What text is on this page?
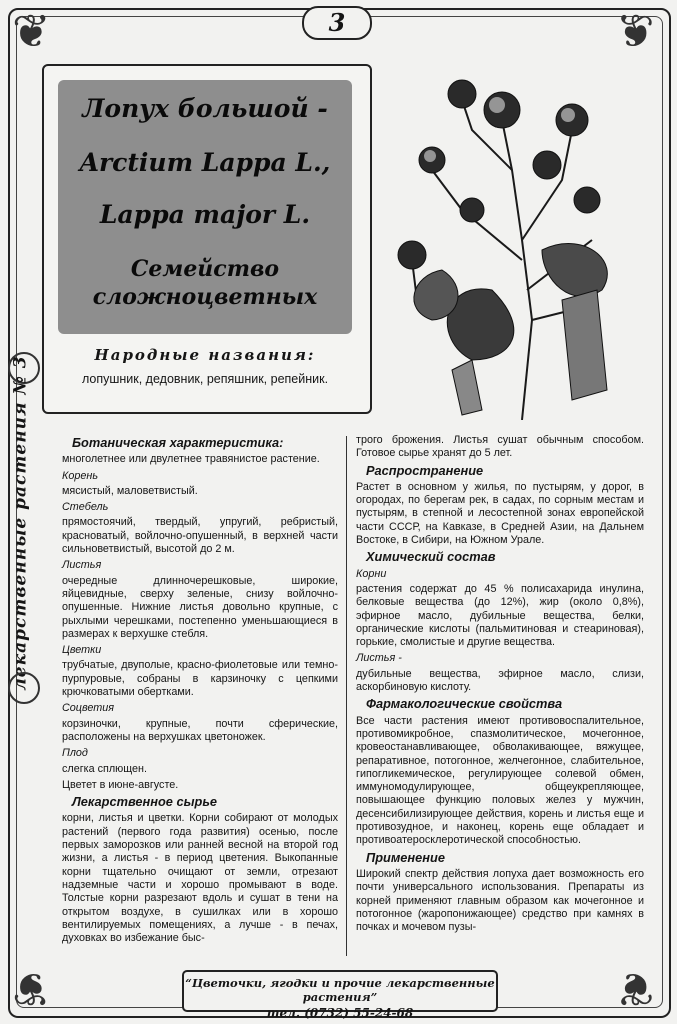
❦	❦
❦	❦
3
лекарственные растения № 3
Лопух большой -
Arctium Lappa L.,
Lappa major L.
Семейство
сложноцветных
Народные названия:
лопушник, дедовник, репяшник, репейник.
Ботаническая характеристика:
многолетнее или двулетнее травянистое растение.
Корень
мясистый, маловетвистый.
Стебель
прямостоячий, твердый, упругий, ребристый, красноватый, войлочно-опушенный, в верхней части сильноветвистый, высотой до 2 м.
Листья
очередные длинночерешковые, широкие, яйцевидные, сверху зеленые, снизу войлочно-опушенные. Нижние листья довольно крупные, с рыхлыми черешками, постепенно уменьшающиеся в размерах к верхушке стебля.
Цветки
трубчатые, двуполые, красно-фиолетовые или темно-пурпуровые, собраны в карзиночку с цепкими крючковатыми обертками.
Соцветия
корзиночки, крупные, почти сферические, расположены на верхушках цветоножек.
Плод
слегка сплющен.
Цветет в июне-августе.
Лекарственное сырье
корни, листья и цветки. Корни собирают от молодых растений (первого года развития) осенью, после первых заморозков или ранней весной на второй год жизни, а листья - в период цветения. Выкопанные корни тщательно очищают от земли, отрезают надземные части и хорошо промывают в воде. Толстые корни разрезают вдоль и сушат в тени на открытом воздухе, в сушилках или в хорошо вентилируемых помещениях, а лучше - в печах, духовках во избежание быс-
трого брожения. Листья сушат обычным способом. Готовое сырье хранят до 5 лет.
Распространение
Растет в основном у жилья, по пустырям, у дорог, в огородах, по берегам рек, в садах, по сорным местам и пустырям, в степной и лесостепной зонах европейской части СССР, на Кавказе, в Средней Азии, на Дальнем Востоке, в Сибири, на Южном Урале.
Химический состав
Корни
растения содержат до 45 % полисахарида инулина, белковые вещества (до 12%), жир (около 0,8%), эфирное масло, дубильные вещества, белки, органические кислоты (пальмитиновая и стеариновая), горькие, смолистые и другие вещества.
Листья -
дубильные вещества, эфирное масло, слизи, аскорбиновую кислоту.
Фармакологические свойства
Все части растения имеют противовоспалительное, противомикробное, спазмолитическое, мочегонное, кровеостанавливающее, обволакивающее, вяжущее, репаративное, потогонное, желчегонное, слабительное, гипогликемическое, регулирующее солевой обмен, иммуномодулирующее, общеукрепляющее, повышающее функцию половых желез у мужчин, десенсибилизирующее действия, корень и листья еще и противозудное, и наконец, корень еще обладает и противоатеросклеротической способностью.
Применение
Широкий спектр действия лопуха дает возможность его почти универсального использования. Препараты из корней применяют главным образом как мочегонное и потогонное (жаропонижающее) средство при камнях в почках и мочевом пузы-
“Цветочки, ягодки и прочие лекарственные растения”
тел. (0732) 55-24-68
